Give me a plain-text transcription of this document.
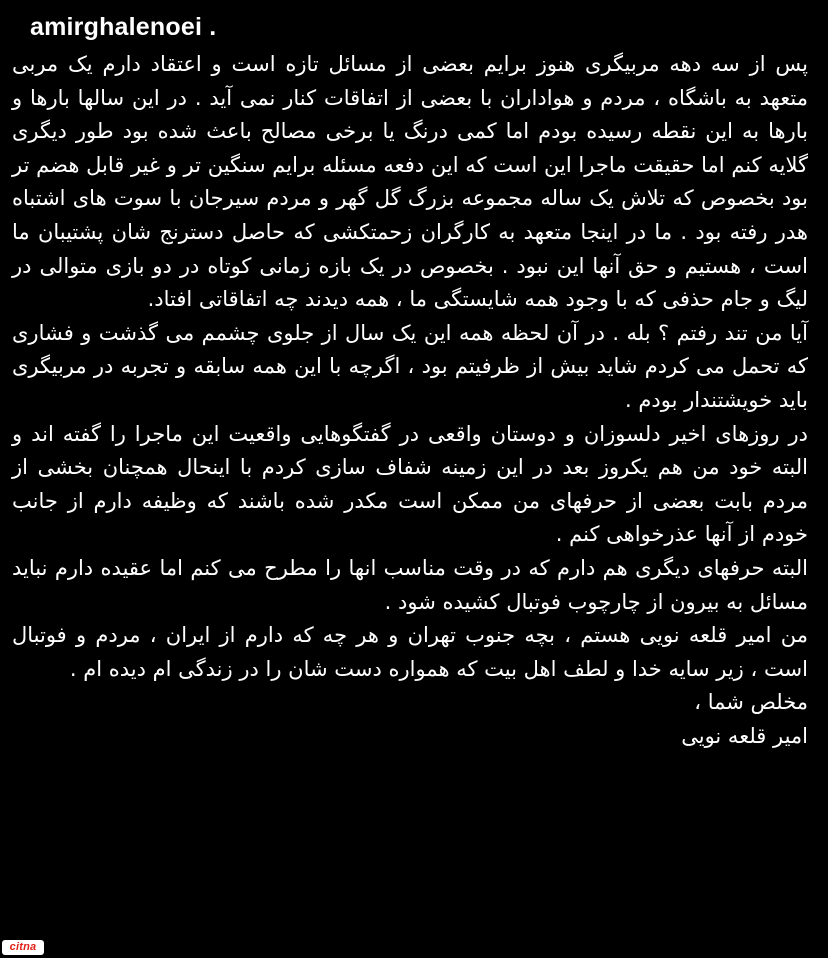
amirghalenoei .

پس از سه دهه مربیگری هنوز برایم بعضی از مسائل تازه است و اعتقاد دارم یک مربی متعهد به باشگاه ، مردم و هواداران با بعضی از اتفاقات کنار نمی آید . در این سالها بارها و بارها به این نقطه رسیده بودم اما کمی درنگ یا برخی مصالح باعث شده بود طور دیگری گلایه کنم اما حقیقت ماجرا این است که این دفعه مسئله برایم سنگین تر و غیر قابل هضم تر بود بخصوص که تلاش یک ساله مجموعه بزرگ گل گهر و مردم سیرجان با سوت های اشتباه هدر رفته بود . ما در اینجا متعهد به کارگران زحمتکشی که حاصل دسترنج شان پشتیبان ما است ، هستیم و حق آنها این نبود . بخصوص در یک بازه زمانی کوتاه در دو بازی متوالی در لیگ و جام حذفی که با وجود همه شایستگی ما ، همه دیدند چه اتفاقاتی افتاد.

آیا من تند رفتم ؟ بله . در آن لحظه همه این یک سال از جلوی چشمم می گذشت و فشاری که تحمل می کردم شاید بیش از ظرفیتم بود ، اگرچه با این همه سابقه و تجربه در مربیگری باید خویشتندار بودم .

در روزهای اخیر دلسوزان و دوستان واقعی در گفتگوهایی واقعیت این ماجرا را گفته اند و البته خود من هم یکروز بعد در این زمینه شفاف سازی کردم با اینحال همچنان بخشی از مردم بابت بعضی از حرفهای من ممکن است مکدر شده باشند که وظیفه دارم از جانب خودم از آنها عذرخواهی کنم .

البته حرفهای دیگری هم دارم که در وقت مناسب انها را مطرح می کنم اما عقیده دارم نباید مسائل به بیرون از چارچوب فوتبال کشیده شود .
من امیر قلعه نویی هستم ، بچه جنوب تهران و هر چه که دارم از ایران ، مردم و فوتبال است ، زیر سایه خدا و لطف اهل بیت که همواره دست شان را در زندگی ام دیده ام .

مخلص شما ،

امیر قلعه نویی

citna
